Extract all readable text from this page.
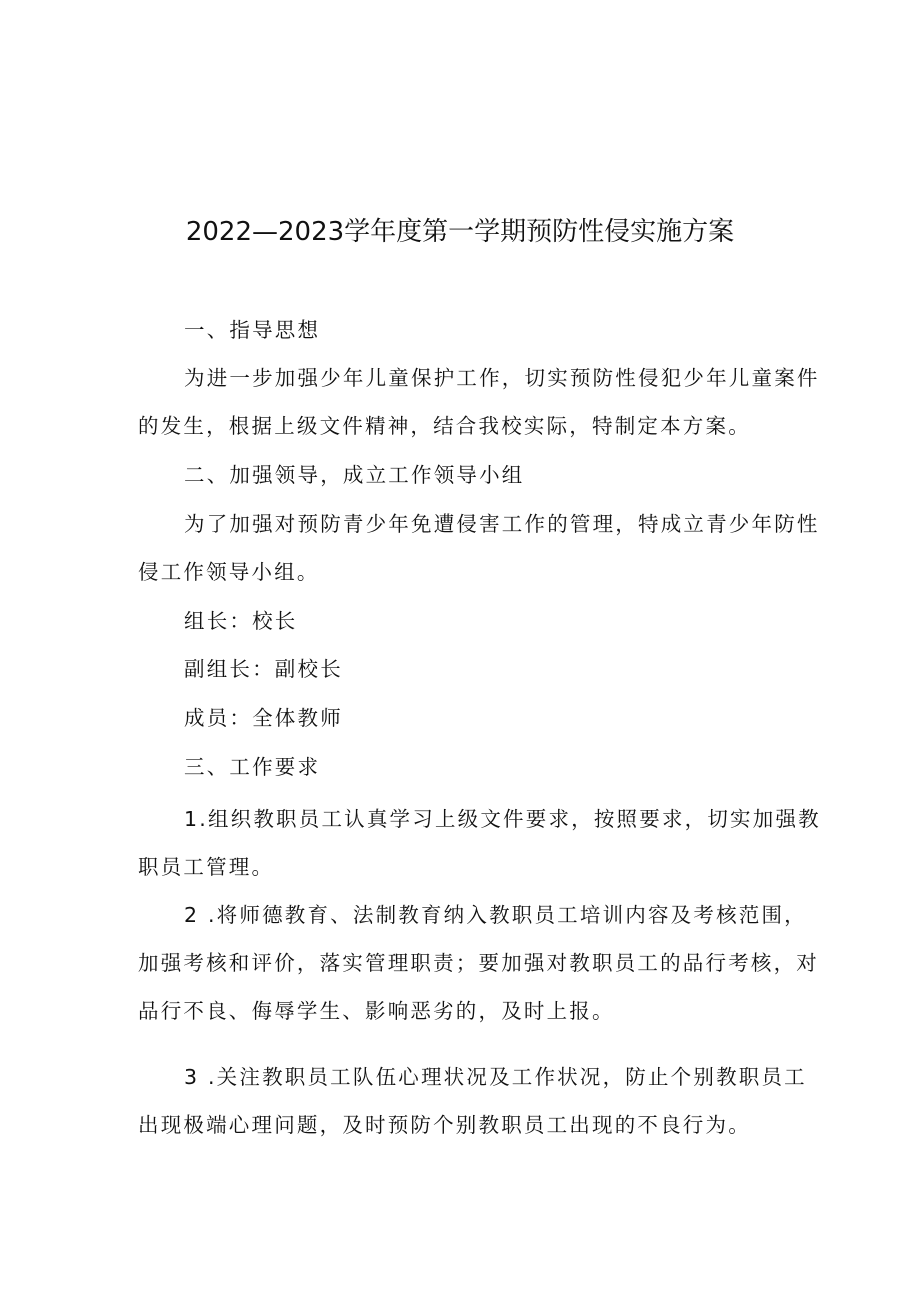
2022—2023学年度第一学期预防性侵实施方案

一、指导思想

为进一步加强少年儿童保护工作，切实预防性侵犯少年儿童案件
的发生，根据上级文件精神，结合我校实际，特制定本方案。

二、加强领导，成立工作领导小组

为了加强对预防青少年免遭侵害工作的管理，特成立青少年防性
侵工作领导小组。

组长：校长

副组长：副校长

成员：全体教师

三、工作要求

1.组织教职员工认真学习上级文件要求，按照要求，切实加强教
职员工管理。
2 .将师德教育、法制教育纳入教职员工培训内容及考核范围，
加强考核和评价，落实管理职责；要加强对教职员工的品行考核，对
品行不良、侮辱学生、影响恶劣的，及时上报。
3 .关注教职员工队伍心理状况及工作状况，防止个别教职员工
出现极端心理问题，及时预防个别教职员工出现的不良行为。
